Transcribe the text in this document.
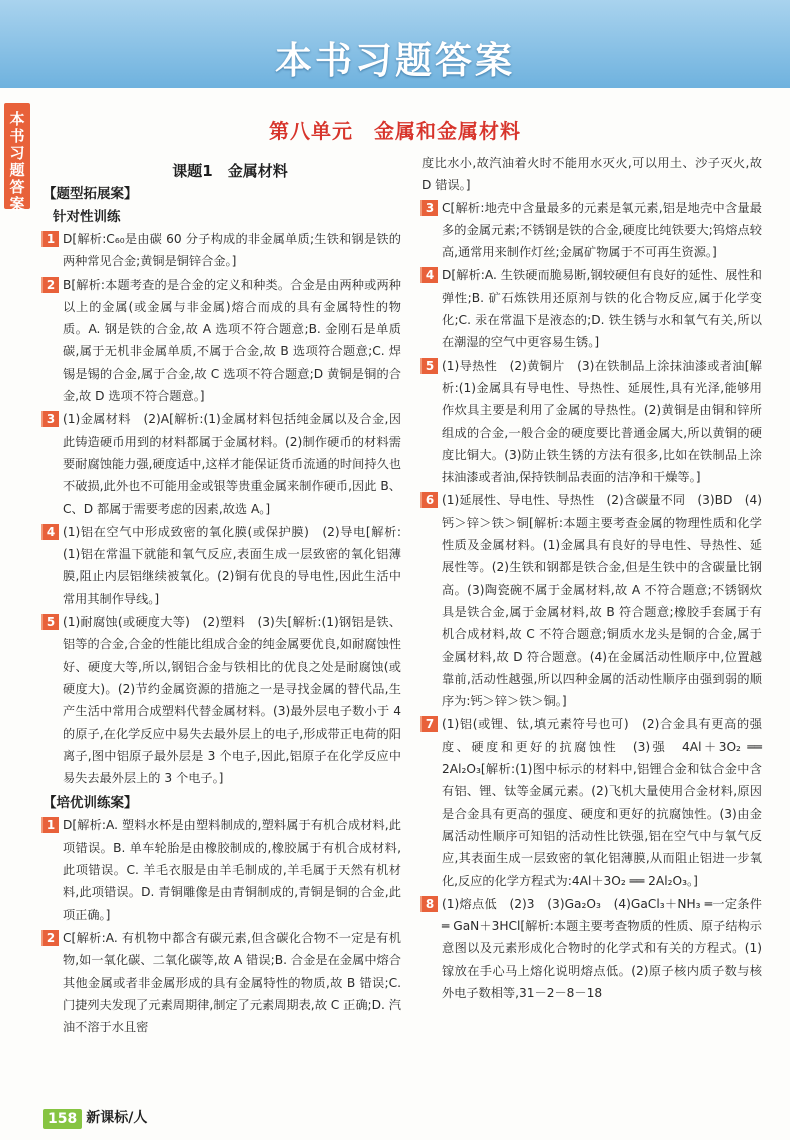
本书习题答案
本
书
习
题
答
案
第八单元　金属和金属材料
课题1　金属材料
【题型拓展案】
针对性训练
1 D[解析:C₆₀是由碳 60 分子构成的非金属单质;生铁和钢是铁的两种常见合金;黄铜是铜锌合金。]
2 B[解析:本题考查的是合金的定义和种类。合金是由两种或两种以上的金属(或金属与非金属)熔合而成的具有金属特性的物质。A. 钢是铁的合金,故 A 选项不符合题意;B. 金刚石是单质碳,属于无机非金属单质,不属于合金,故 B 选项符合题意;C. 焊锡是锡的合金,属于合金,故 C 选项不符合题意;D 黄铜是铜的合金,故 D 选项不符合题意。]
3 (1)金属材料　(2)A[解析:(1)金属材料包括纯金属以及合金,因此铸造硬币用到的材料都属于金属材料。(2)制作硬币的材料需要耐腐蚀能力强,硬度适中,这样才能保证货币流通的时间持久也不破损,此外也不可能用金或银等贵重金属来制作硬币,因此 B、C、D 都属于需要考虑的因素,故选 A。]
4 (1)铝在空气中形成致密的氧化膜(或保护膜)　(2)导电[解析:(1)铝在常温下就能和氧气反应,表面生成一层致密的氧化铝薄膜,阻止内层铝继续被氧化。(2)铜有优良的导电性,因此生活中常用其制作导线。]
5 (1)耐腐蚀(或硬度大等)　(2)塑料　(3)失[解析:(1)钢铝是铁、铝等的合金,合金的性能比组成合金的纯金属要优良,如耐腐蚀性好、硬度大等,所以,钢铝合金与铁相比的优良之处是耐腐蚀(或硬度大)。(2)节约金属资源的措施之一是寻找金属的替代品,生产生活中常用合成塑料代替金属材料。(3)最外层电子数小于 4 的原子,在化学反应中易失去最外层上的电子,形成带正电荷的阳离子,图中铝原子最外层是 3 个电子,因此,铝原子在化学反应中易失去最外层上的 3 个电子。]
【培优训练案】
1 D[解析:A. 塑料水杯是由塑料制成的,塑料属于有机合成材料,此项错误。B. 单车轮胎是由橡胶制成的,橡胶属于有机合成材料,此项错误。C. 羊毛衣服是由羊毛制成的,羊毛属于天然有机材料,此项错误。D. 青铜雕像是由青铜制成的,青铜是铜的合金,此项正确。]
2 C[解析:A. 有机物中都含有碳元素,但含碳化合物不一定是有机物,如一氧化碳、二氧化碳等,故 A 错误;B. 合金是在金属中熔合其他金属或者非金属形成的具有金属特性的物质,故 B 错误;C. 门捷列夫发现了元素周期律,制定了元素周期表,故 C 正确;D. 汽油不溶于水且密
度比水小,故汽油着火时不能用水灭火,可以用土、沙子灭火,故 D 错误。]
3 C[解析:地壳中含量最多的元素是氧元素,铝是地壳中含量最多的金属元素;不锈钢是铁的合金,硬度比纯铁要大;钨熔点较高,通常用来制作灯丝;金属矿物属于不可再生资源。]
4 D[解析:A. 生铁硬而脆易断,钢较硬但有良好的延性、展性和弹性;B. 矿石炼铁用还原剂与铁的化合物反应,属于化学变化;C. 汞在常温下是液态的;D. 铁生锈与水和氧气有关,所以在潮湿的空气中更容易生锈。]
5 (1)导热性　(2)黄铜片　(3)在铁制品上涂抹油漆或者油[解析:(1)金属具有导电性、导热性、延展性,具有光泽,能够用作炊具主要是利用了金属的导热性。(2)黄铜是由铜和锌所组成的合金,一般合金的硬度要比普通金属大,所以黄铜的硬度比铜大。(3)防止铁生锈的方法有很多,比如在铁制品上涂抹油漆或者油,保持铁制品表面的洁净和干燥等。]
6 (1)延展性、导电性、导热性　(2)含碳量不同　(3)BD　(4)钙＞锌＞铁＞铜[解析:本题主要考查金属的物理性质和化学性质及金属材料。(1)金属具有良好的导电性、导热性、延展性等。(2)生铁和钢都是铁合金,但是生铁中的含碳量比钢高。(3)陶瓷碗不属于金属材料,故 A 不符合题意;不锈钢炊具是铁合金,属于金属材料,故 B 符合题意;橡胶手套属于有机合成材料,故 C 不符合题意;铜质水龙头是铜的合金,属于金属材料,故 D 符合题意。(4)在金属活动性顺序中,位置越靠前,活动性越强,所以四种金属的活动性顺序由强到弱的顺序为:钙＞锌＞铁＞铜。]
7 (1)铝(或锂、钛,填元素符号也可)　(2)合金具有更高的强度、硬度和更好的抗腐蚀性　(3)强　4Al＋3O₂ ══ 2Al₂O₃[解析:(1)图中标示的材料中,铝锂合金和钛合金中含有铝、锂、钛等金属元素。(2)飞机大量使用合金材料,原因是合金具有更高的强度、硬度和更好的抗腐蚀性。(3)由金属活动性顺序可知铝的活动性比铁强,铝在空气中与氧气反应,其表面生成一层致密的氧化铝薄膜,从而阻止铝进一步氧化,反应的化学方程式为:4Al＋3O₂ ══ 2Al₂O₃。]
8 (1)熔点低　(2)3　(3)Ga₂O₃　(4)GaCl₃＋NH₃ ═一定条件═ GaN＋3HCl[解析:本题主要考查物质的性质、原子结构示意图以及元素形成化合物时的化学式和有关的方程式。(1)镓放在手心马上熔化说明熔点低。(2)原子核内质子数与核外电子数相等,31－2－8－18
158 新课标/人
